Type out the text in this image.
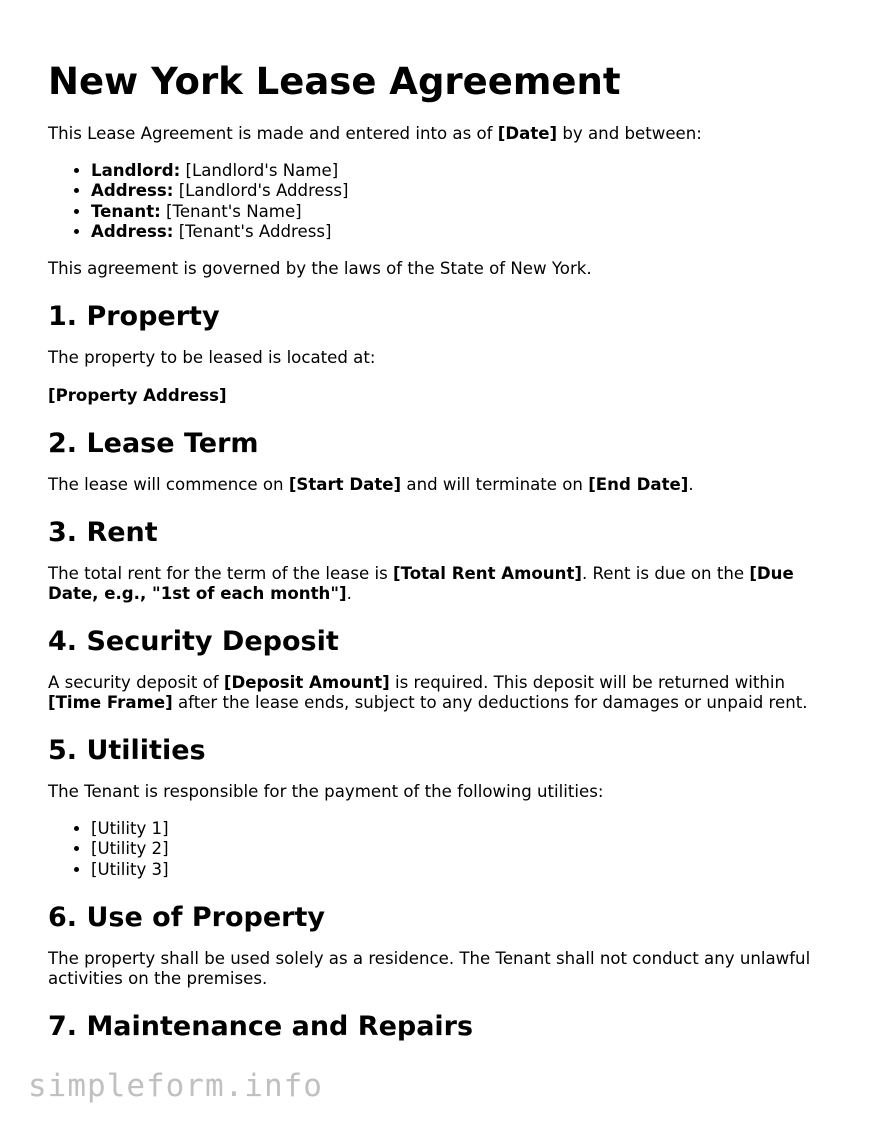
New York Lease Agreement

This Lease Agreement is made and entered into as of [Date] by and between:

• Landlord: [Landlord's Name]
• Address: [Landlord's Address]
• Tenant: [Tenant's Name]
• Address: [Tenant's Address]

This agreement is governed by the laws of the State of New York.

1. Property

The property to be leased is located at:

[Property Address]

2. Lease Term

The lease will commence on [Start Date] and will terminate on [End Date].

3. Rent

The total rent for the term of the lease is [Total Rent Amount]. Rent is due on the [Due Date, e.g., "1st of each month"].

4. Security Deposit

A security deposit of [Deposit Amount] is required. This deposit will be returned within [Time Frame] after the lease ends, subject to any deductions for damages or unpaid rent.

5. Utilities

The Tenant is responsible for the payment of the following utilities:

• [Utility 1]
• [Utility 2]
• [Utility 3]
6. Use of Property

The property shall be used solely as a residence. The Tenant shall not conduct any unlawful activities on the premises.

7. Maintenance and Repairs
simpleform.info
